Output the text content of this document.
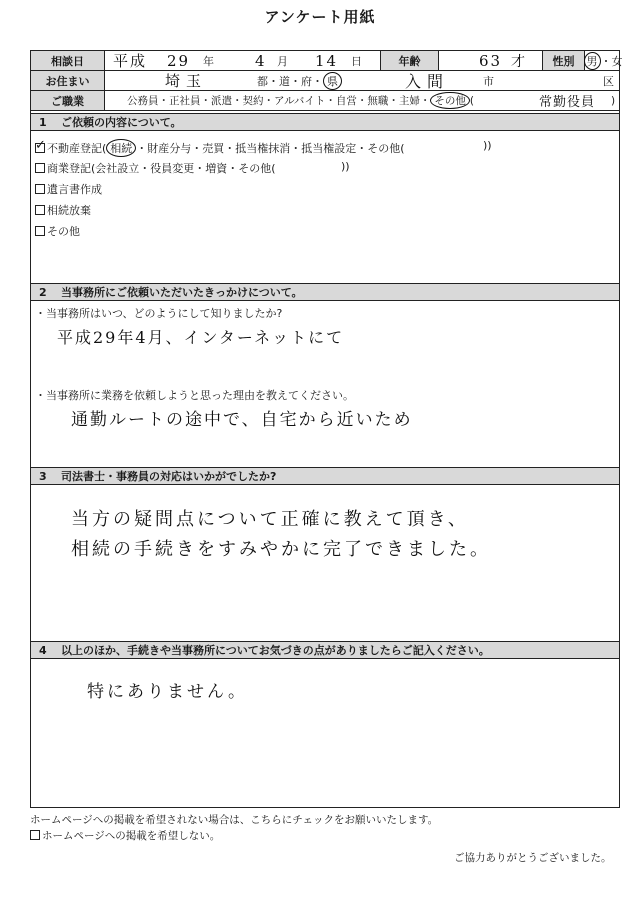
アンケート用紙
相談日	平成 29 年	4 月 14 日	年齢	63 才	性別	男 ・ 女
お住まい	埼玉	都・道・府・ 県	入間	市	区
ご職業	公務員・正社員・派遣・契約・アルバイト・自営・無職・主婦・ その他 (	常勤役員 )
1	ご依頼の内容について。
✓ 不動産登記( 相続 ・財産分与・売買・抵当権抹消・抵当権設定・その他(	))
商業登記(会社設立・役員変更・増資・その他(	))
遺言書作成
相続放棄
その他
2	当事務所にご依頼いただいたきっかけについて。
・当事務所はいつ、どのようにして知りましたか?
平成29年4月、インターネットにて
・当事務所に業務を依頼しようと思った理由を教えてください。
通勤ルートの途中で、自宅から近いため
3	司法書士・事務員の対応はいかがでしたか?
当方の疑問点について正確に教えて頂き、
相続の手続きをすみやかに完了できました。
4	以上のほか、手続きや当事務所についてお気づきの点がありましたらご記入ください。
特にありません。
ホームページへの掲載を希望されない場合は、こちらにチェックをお願いいたします。
ホームページへの掲載を希望しない。
ご協力ありがとうございました。
